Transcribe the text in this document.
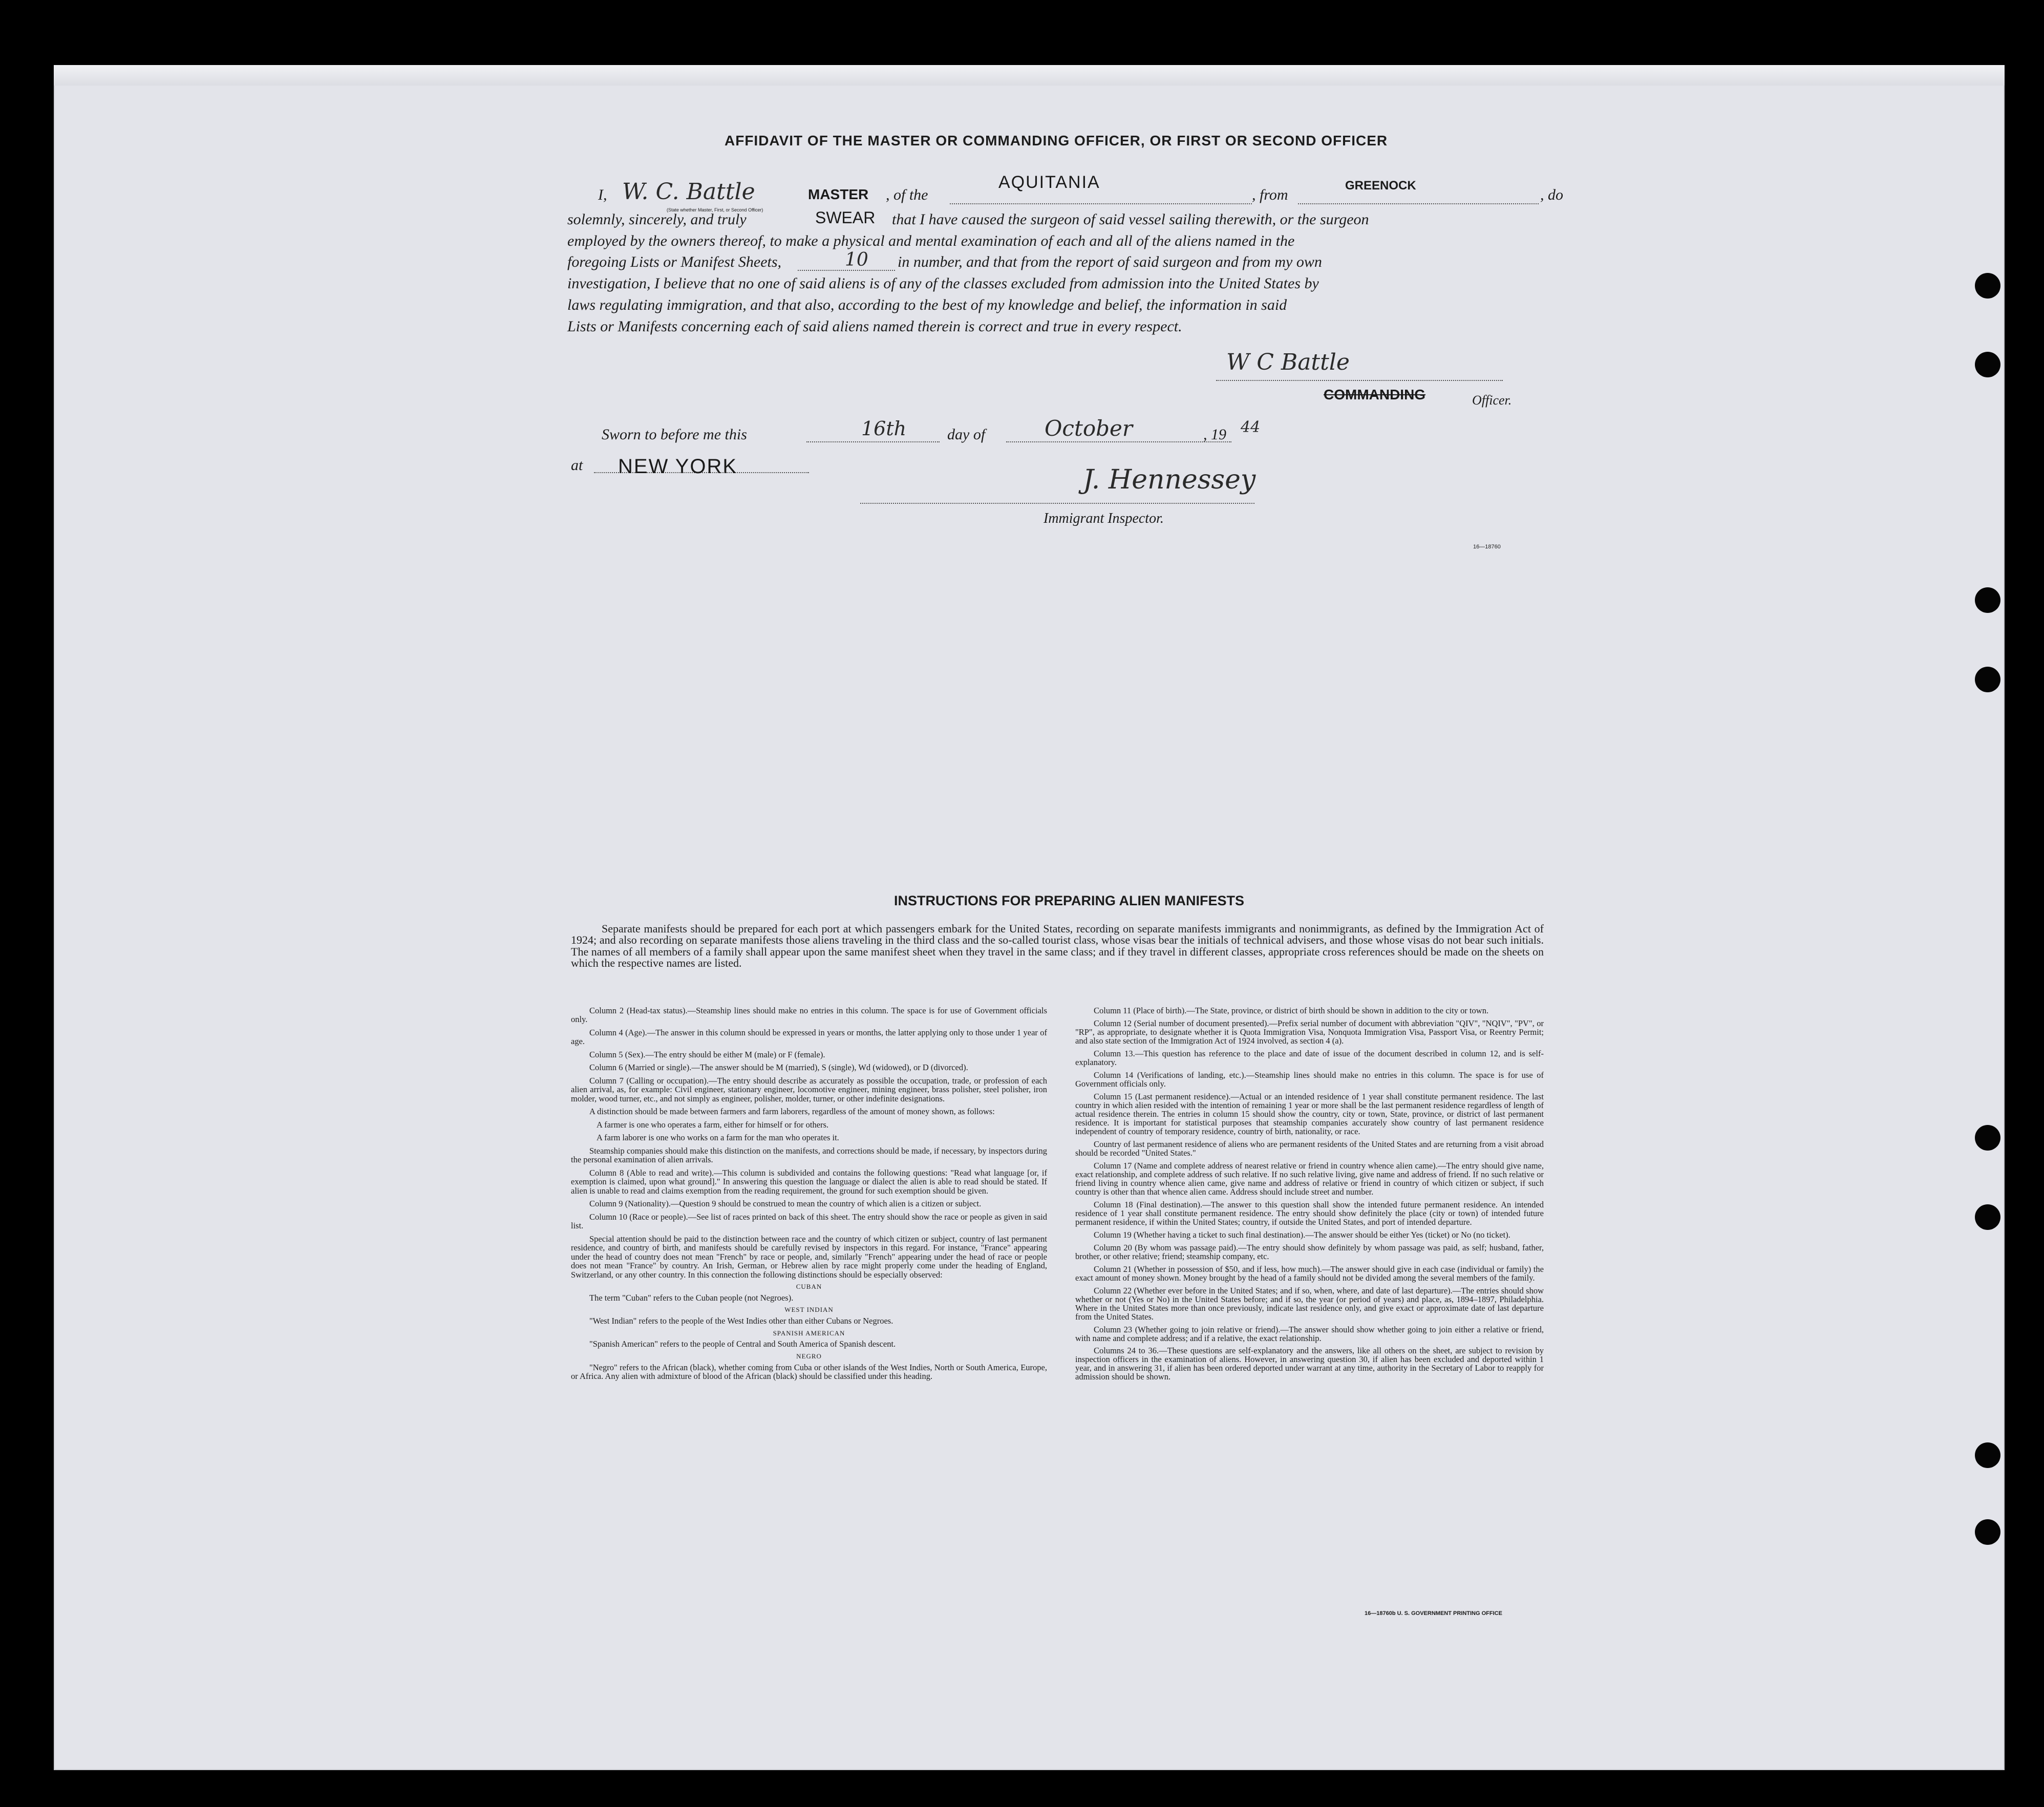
AFFIDAVIT OF THE MASTER OR COMMANDING OFFICER, OR FIRST OR SECOND OFFICER
I, W. C. Battle	MASTER
(State whether Master, First, or Second Officer)
, of the
AQUITANIA
, from
GREENOCK
, do
solemnly, sincerely, and truly	SWEAR that I have caused the surgeon of said vessel sailing therewith, or the surgeon
employed by the owners thereof, to make a physical and mental examination of each and all of the aliens named in the
foregoing Lists or Manifest Sheets,	10 in number, and that from the report of said surgeon and from my own
investigation, I believe that no one of said aliens is of any of the classes excluded from admission into the United States by
laws regulating immigration, and that also, according to the best of my knowledge and belief, the information in said
Lists or Manifests concerning each of said aliens named therein is correct and true in every respect.
W C Battle
COMMANDING	Officer.
Sworn to before me this	16th	day of	October	, 19 44
at NEW YORK	J. Hennessey
Immigrant Inspector.
16—18760
INSTRUCTIONS FOR PREPARING ALIEN MANIFESTS
Separate manifests should be prepared for each port at which passengers embark for the United States, recording on separate manifests immigrants and nonimmigrants, as defined by the Immigration Act of 1924; and also recording on separate manifests those aliens traveling in the third class and the so-called tourist class, whose visas bear the initials of technical advisers, and those whose visas do not bear such initials. The names of all members of a family shall appear upon the same manifest sheet when they travel in the same class; and if they travel in different classes, appropriate cross references should be made on the sheets on which the respective names are listed.

Column 2 (Head-tax status).—Steamship lines should make no entries in this column. The space is for use of Government officials only.

Column 4 (Age).—The answer in this column should be expressed in years or months, the latter applying only to those under 1 year of age.

Column 5 (Sex).—The entry should be either M (male) or F (female).

Column 6 (Married or single).—The answer should be M (married), S (single), Wd (widowed), or D (divorced).

Column 7 (Calling or occupation).—The entry should describe as accurately as possible the occupation, trade, or profession of each alien arrival, as, for example: Civil engineer, stationary engineer, locomotive engineer, mining engineer, brass polisher, steel polisher, iron molder, wood turner, etc., and not simply as engineer, polisher, molder, turner, or other indefinite designations.

A distinction should be made between farmers and farm laborers, regardless of the amount of money shown, as follows:

A farmer is one who operates a farm, either for himself or for others.

A farm laborer is one who works on a farm for the man who operates it.

Steamship companies should make this distinction on the manifests, and corrections should be made, if necessary, by inspectors during the personal examination of alien arrivals.

Column 8 (Able to read and write).—This column is subdivided and contains the following questions: "Read what language [or, if exemption is claimed, upon what ground]." In answering this question the language or dialect the alien is able to read should be stated. If alien is unable to read and claims exemption from the reading requirement, the ground for such exemption should be given.

Column 9 (Nationality).—Question 9 should be construed to mean the country of which alien is a citizen or subject.

Column 10 (Race or people).—See list of races printed on back of this sheet. The entry should show the race or people as given in said list.

Special attention should be paid to the distinction between race and the country of which citizen or subject, country of last permanent residence, and country of birth, and manifests should be carefully revised by inspectors in this regard. For instance, "France" appearing under the head of country does not mean "French" by race or people, and, similarly "French" appearing under the head of race or people does not mean "France" by country. An Irish, German, or Hebrew alien by race might properly come under the heading of England, Switzerland, or any other country. In this connection the following distinctions should be especially observed:

CUBAN

The term "Cuban" refers to the Cuban people (not Negroes).

WEST INDIAN

"West Indian" refers to the people of the West Indies other than either Cubans or Negroes.

SPANISH AMERICAN

"Spanish American" refers to the people of Central and South America of Spanish descent.

NEGRO

"Negro" refers to the African (black), whether coming from Cuba or other islands of the West Indies, North or South America, Europe, or Africa. Any alien with admixture of blood of the African (black) should be classified under this heading.

Column 11 (Place of birth).—The State, province, or district of birth should be shown in addition to the city or town.

Column 12 (Serial number of document presented).—Prefix serial number of document with abbreviation "QIV", "NQIV", "PV", or "RP", as appropriate, to designate whether it is Quota Immigration Visa, Nonquota Immigration Visa, Passport Visa, or Reentry Permit; and also state section of the Immigration Act of 1924 involved, as section 4 (a).

Column 13.—This question has reference to the place and date of issue of the document described in column 12, and is self-explanatory.

Column 14 (Verifications of landing, etc.).—Steamship lines should make no entries in this column. The space is for use of Government officials only.

Column 15 (Last permanent residence).—Actual or an intended residence of 1 year shall constitute permanent residence. The last country in which alien resided with the intention of remaining 1 year or more shall be the last permanent residence regardless of length of actual residence therein. The entries in column 15 should show the country, city or town, State, province, or district of last permanent residence. It is important for statistical purposes that steamship companies accurately show country of last permanent residence independent of country of temporary residence, country of birth, nationality, or race.

Country of last permanent residence of aliens who are permanent residents of the United States and are returning from a visit abroad should be recorded "United States."

Column 17 (Name and complete address of nearest relative or friend in country whence alien came).—The entry should give name, exact relationship, and complete address of such relative. If no such relative living, give name and address of friend. If no such relative or friend living in country whence alien came, give name and address of relative or friend in country of which citizen or subject, if such country is other than that whence alien came. Address should include street and number.

Column 18 (Final destination).—The answer to this question shall show the intended future permanent residence. An intended residence of 1 year shall constitute permanent residence. The entry should show definitely the place (city or town) of intended future permanent residence, if within the United States; country, if outside the United States, and port of intended departure.

Column 19 (Whether having a ticket to such final destination).—The answer should be either Yes (ticket) or No (no ticket).

Column 20 (By whom was passage paid).—The entry should show definitely by whom passage was paid, as self; husband, father, brother, or other relative; friend; steamship company, etc.

Column 21 (Whether in possession of $50, and if less, how much).—The answer should give in each case (individual or family) the exact amount of money shown. Money brought by the head of a family should not be divided among the several members of the family.

Column 22 (Whether ever before in the United States; and if so, when, where, and date of last departure).—The entries should show whether or not (Yes or No) in the United States before; and if so, the year (or period of years) and place, as, 1894–1897, Philadelphia. Where in the United States more than once previously, indicate last residence only, and give exact or approximate date of last departure from the United States.

Column 23 (Whether going to join relative or friend).—The answer should show whether going to join either a relative or friend, with name and complete address; and if a relative, the exact relationship.

Columns 24 to 36.—These questions are self-explanatory and the answers, like all others on the sheet, are subject to revision by inspection officers in the examination of aliens. However, in answering question 30, if alien has been excluded and deported within 1 year, and in answering 31, if alien has been ordered deported under warrant at any time, authority in the Secretary of Labor to reapply for admission should be shown.

16—18760b U. S. GOVERNMENT PRINTING OFFICE
